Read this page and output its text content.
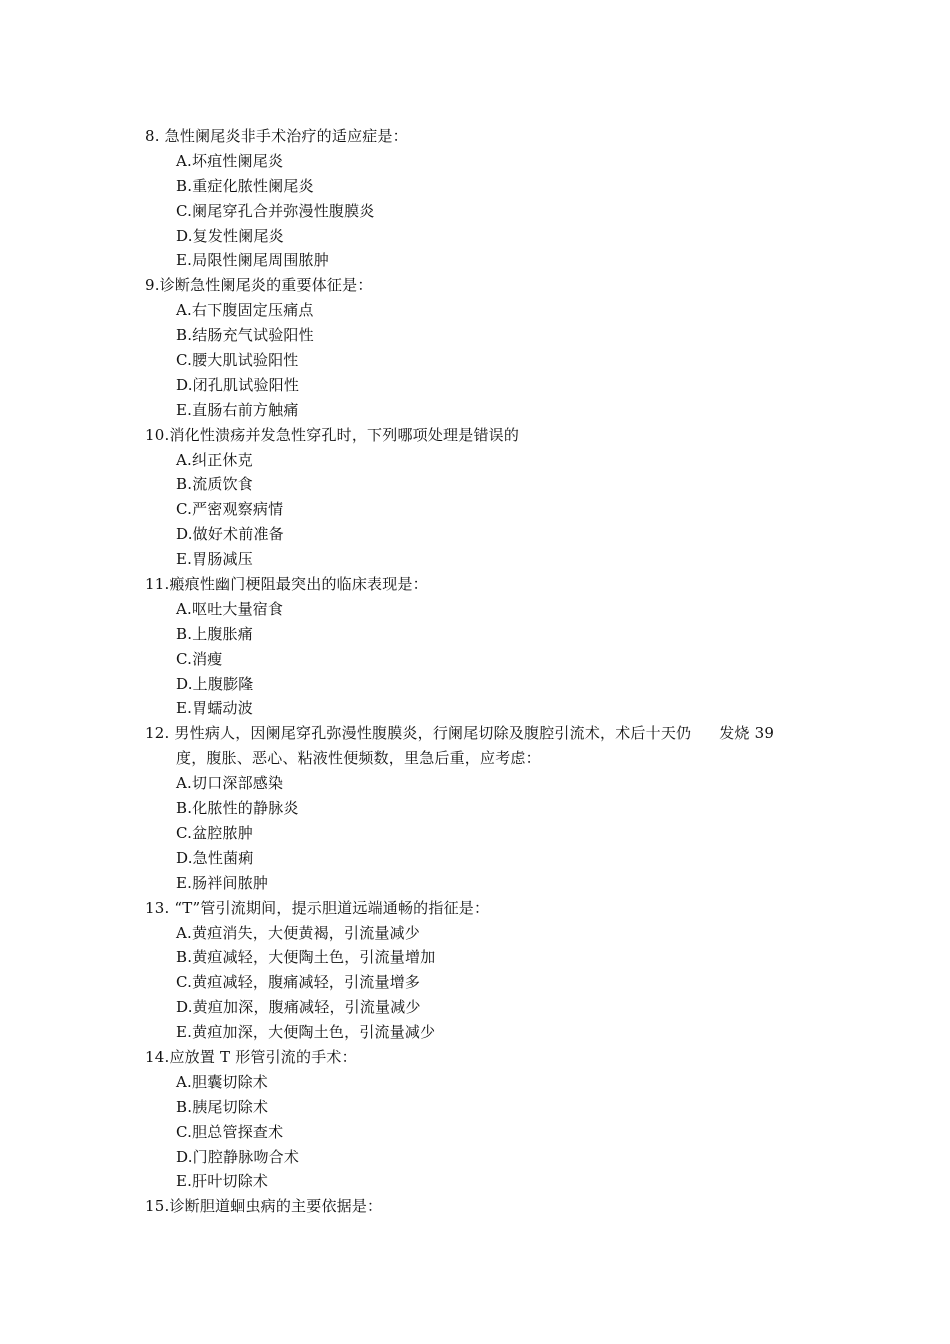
8. 急性阑尾炎非手术治疗的适应症是：
A.坏疽性阑尾炎
B.重症化脓性阑尾炎
C.阑尾穿孔合并弥漫性腹膜炎
D.复发性阑尾炎
E.局限性阑尾周围脓肿
9.诊断急性阑尾炎的重要体征是：
A.右下腹固定压痛点
B.结肠充气试验阳性
C.腰大肌试验阳性
D.闭孔肌试验阳性
E.直肠右前方触痛
10.消化性溃疡并发急性穿孔时，下列哪项处理是错误的
A.纠正休克
B.流质饮食
C.严密观察病情
D.做好术前准备
E.胃肠减压
11.瘢痕性幽门梗阻最突出的临床表现是：
A.呕吐大量宿食
B.上腹胀痛
C.消瘦
D.上腹膨隆
E.胃蠕动波
12. 男性病人，因阑尾穿孔弥漫性腹膜炎，行阑尾切除及腹腔引流术，术后十天仍 发烧 39
度，腹胀、恶心、粘液性便频数，里急后重，应考虑：
A.切口深部感染
B.化脓性的静脉炎
C.盆腔脓肿
D.急性菌痢
E.肠袢间脓肿
13. “T”管引流期间，提示胆道远端通畅的指征是：
A.黄疸消失，大便黄褐，引流量减少
B.黄疸减轻，大便陶土色，引流量增加
C.黄疸减轻，腹痛减轻，引流量增多
D.黄疸加深，腹痛减轻，引流量减少
E.黄疸加深，大便陶土色，引流量减少
14.应放置 T 形管引流的手术：
A.胆囊切除术
B.胰尾切除术
C.胆总管探查术
D.门腔静脉吻合术
E.肝叶切除术
15.诊断胆道蛔虫病的主要依据是：
